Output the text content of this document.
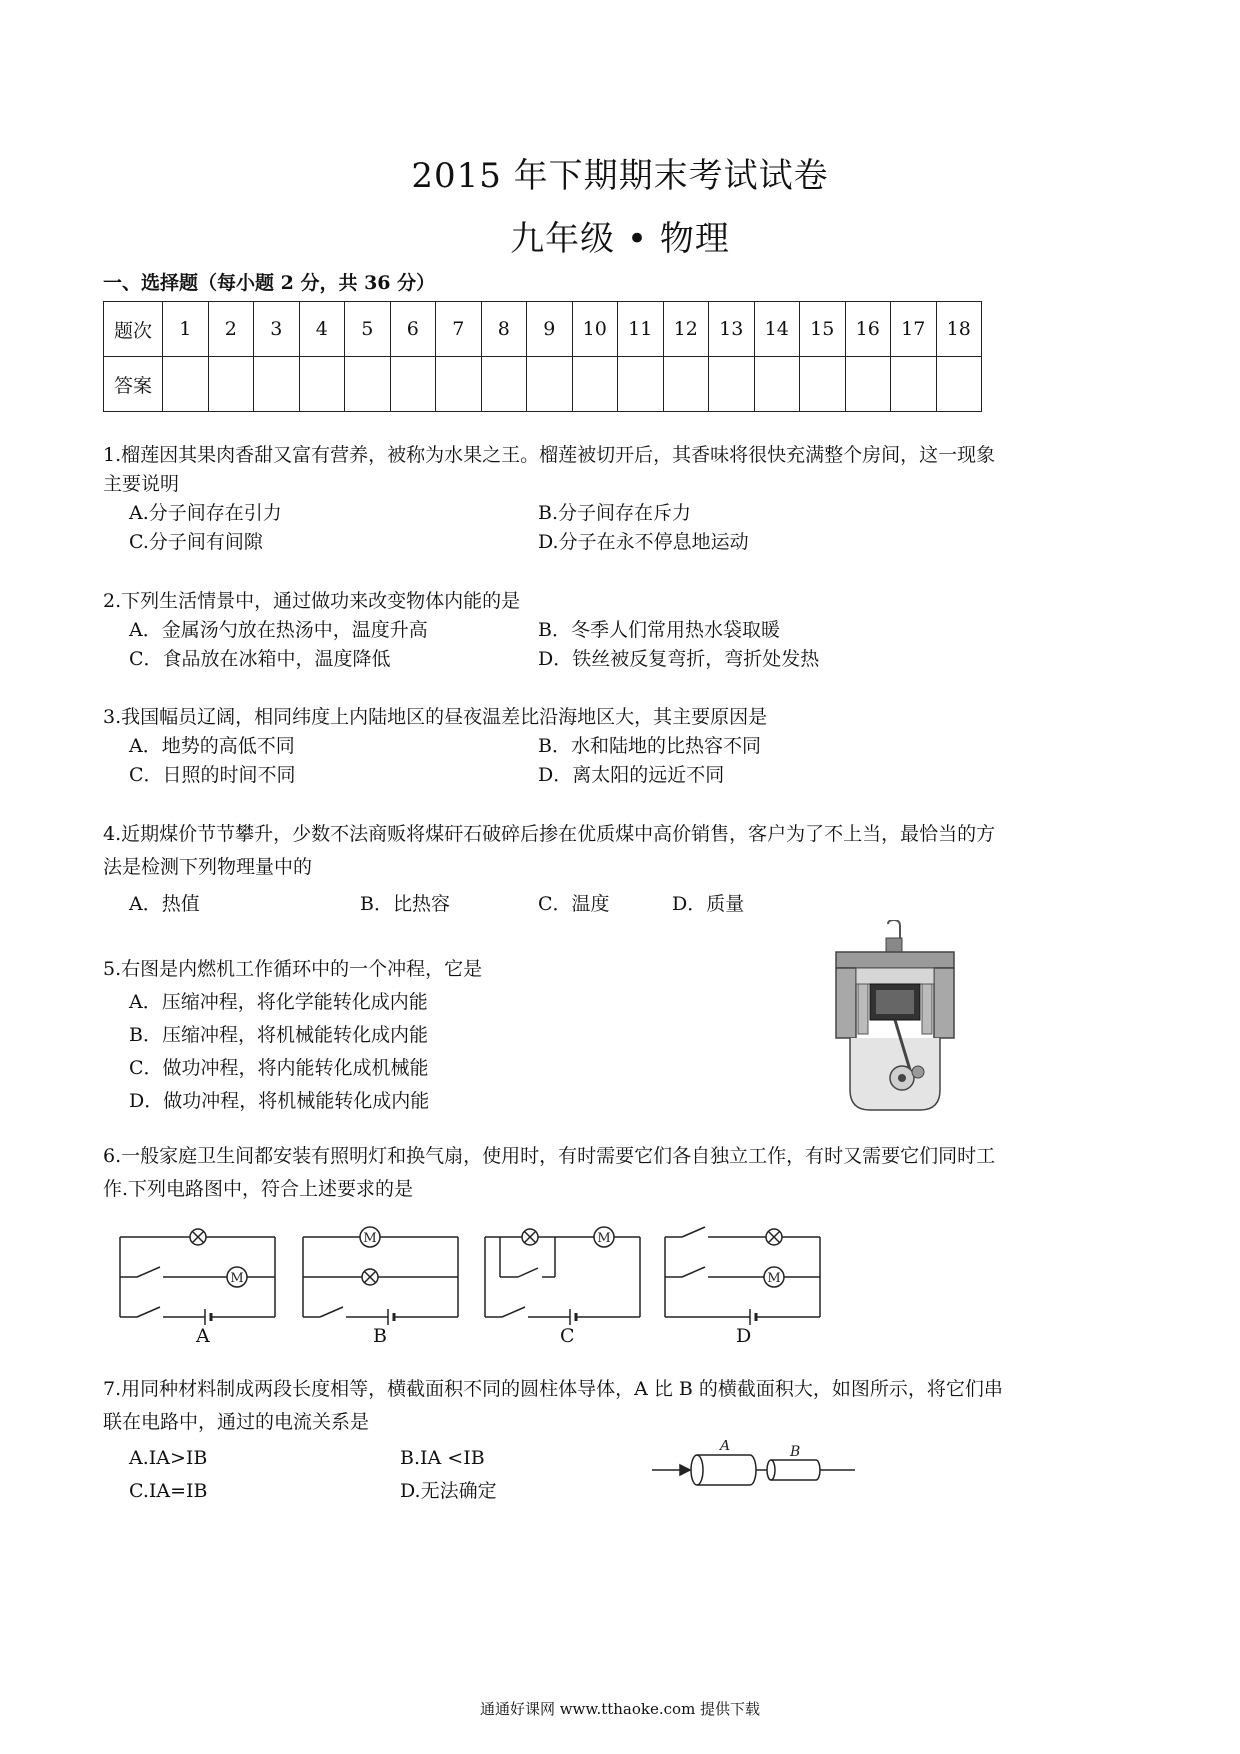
2015 年下期期末考试试卷
九年级 • 物理
一、选择题（每小题 2 分，共 36 分）
题次	1	2	3	4	5	6	7	8	9	10	11	12	13	14	15	16	17	18
答案																		
1.榴莲因其果肉香甜又富有营养，被称为水果之王。榴莲被切开后，其香味将很快充满整个房间，这一现象
主要说明
A.分子间存在引力	B.分子间存在斥力
C.分子间有间隙	D.分子在永不停息地运动
2.下列生活情景中，通过做功来改变物体内能的是
A．金属汤勺放在热汤中，温度升高	B．冬季人们常用热水袋取暖
C．食品放在冰箱中，温度降低	D．铁丝被反复弯折，弯折处发热
3.我国幅员辽阔，相同纬度上内陆地区的昼夜温差比沿海地区大，其主要原因是
A．地势的高低不同	B．水和陆地的比热容不同
C．日照的时间不同	D．离太阳的远近不同
4.近期煤价节节攀升，少数不法商贩将煤矸石破碎后掺在优质煤中高价销售，客户为了不上当，最恰当的方
法是检测下列物理量中的
A．热值	B．比热容	C．温度	D．质量
5.右图是内燃机工作循环中的一个冲程，它是
A．压缩冲程，将化学能转化成内能
B．压缩冲程，将机械能转化成内能
C．做功冲程，将内能转化成机械能
D．做功冲程，将机械能转化成内能
6.一般家庭卫生间都安装有照明灯和换气扇，使用时，有时需要它们各自独立工作，有时又需要它们同时工
作.下列电路图中，符合上述要求的是
M
A
M
B
M
C
M
D
7.用同种材料制成两段长度相等，横截面积不同的圆柱体导体，A 比 B 的横截面积大，如图所示，将它们串
联在电路中，通过的电流关系是
A.IA>IB	B.IA <IB
C.IA=IB	D.无法确定
A	B
通通好课网 www.tthaoke.com 提供下载
